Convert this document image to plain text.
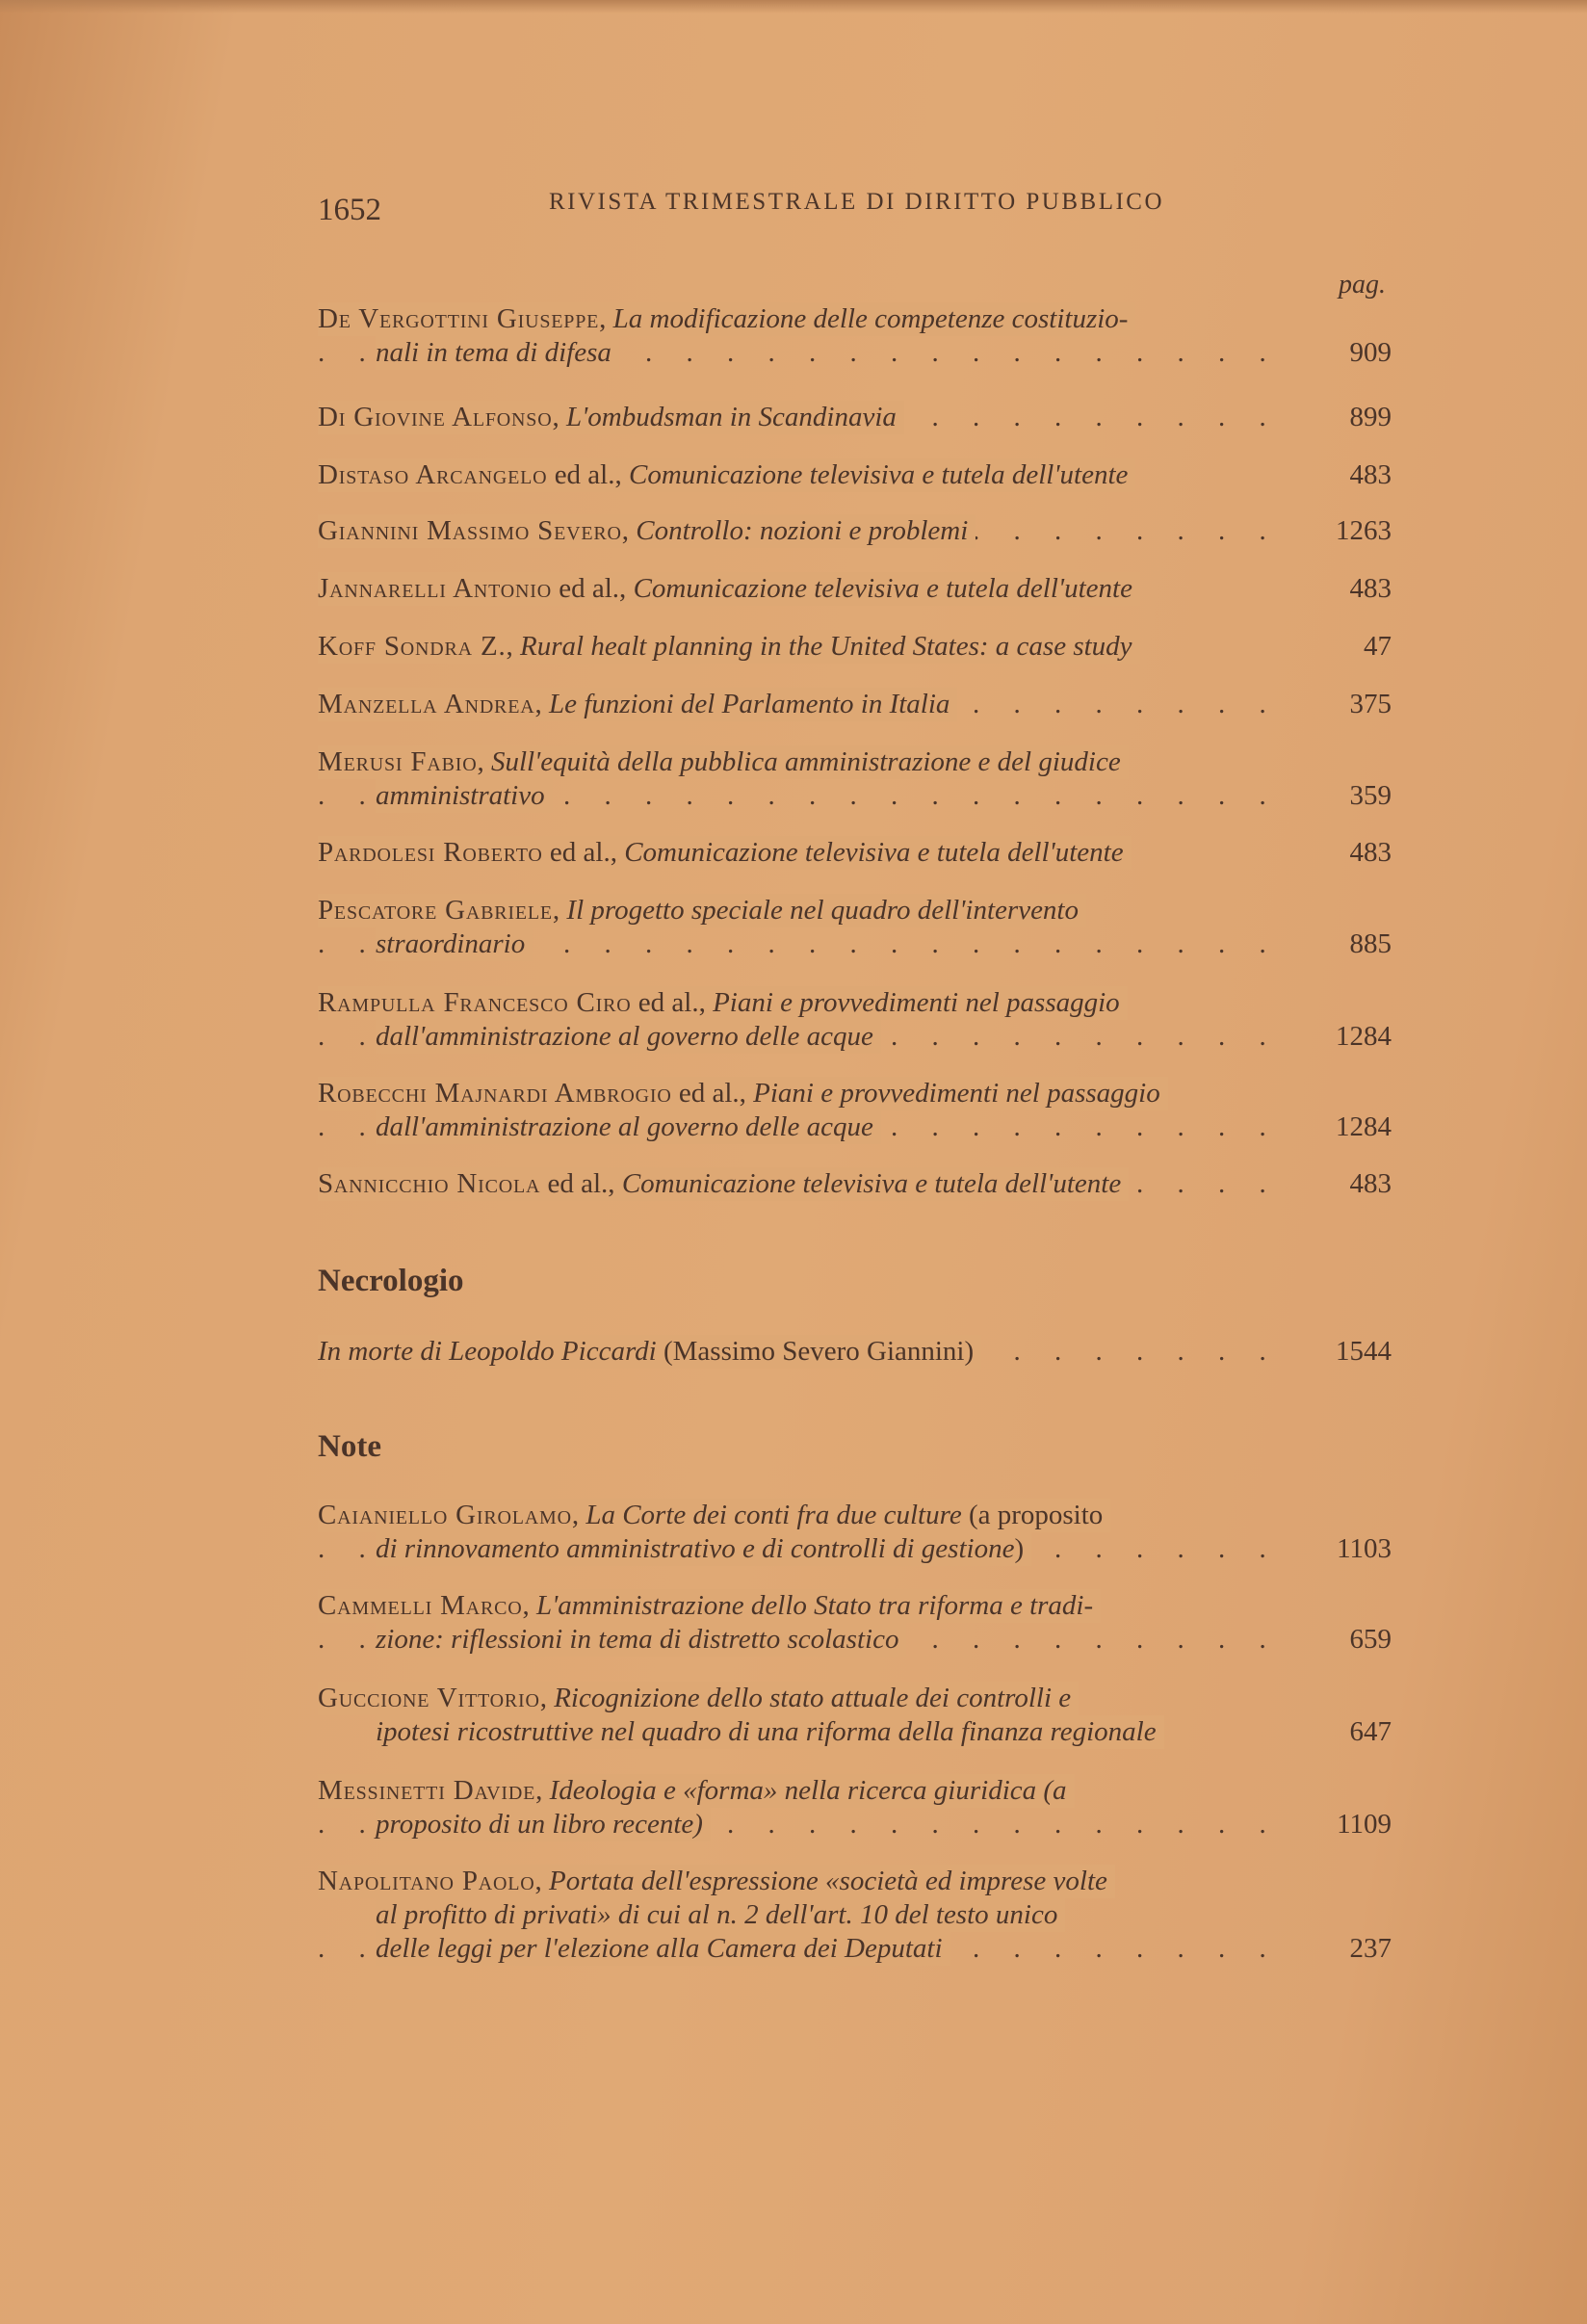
1652	RIVISTA TRIMESTRALE DI DIRITTO PUBBLICO
pag.
De Vergottini Giuseppe, La modificazione delle competenze costituzio-
. . . nali in tema di difesa	909
. . . Di Giovine Alfonso, L'ombudsman in Scandinavia	899
Distaso Arcangelo ed al., Comunicazione televisiva e tutela dell'utente	483
. . . Giannini Massimo Severo, Controllo: nozioni e problemi	1263
Jannarelli Antonio ed al., Comunicazione televisiva e tutela dell'utente	483
Koff Sondra Z., Rural healt planning in the United States: a case study	47
. . . Manzella Andrea, Le funzioni del Parlamento in Italia	375
Merusi Fabio, Sull'equità della pubblica amministrazione e del giudice
. . . amministrativo	359
Pardolesi Roberto ed al., Comunicazione televisiva e tutela dell'utente	483
Pescatore Gabriele, Il progetto speciale nel quadro dell'intervento
. . . straordinario	885
Rampulla Francesco Ciro ed al., Piani e provvedimenti nel passaggio
. . . dall'amministrazione al governo delle acque	1284
Robecchi Majnardi Ambrogio ed al., Piani e provvedimenti nel passaggio
. . . dall'amministrazione al governo delle acque	1284
. . . Sannicchio Nicola ed al., Comunicazione televisiva e tutela dell'utente	483
Necrologio
. . . In morte di Leopoldo Piccardi (Massimo Severo Giannini)	1544
Note
Caianiello Girolamo, La Corte dei conti fra due culture (a proposito
. . . di rinnovamento amministrativo e di controlli di gestione)	1103
Cammelli Marco, L'amministrazione dello Stato tra riforma e tradi-
. . . zione: riflessioni in tema di distretto scolastico	659
Guccione Vittorio, Ricognizione dello stato attuale dei controlli e
ipotesi ricostruttive nel quadro di una riforma della finanza regionale	647
Messinetti Davide, Ideologia e «forma» nella ricerca giuridica (a
. . . proposito di un libro recente)	1109
Napolitano Paolo, Portata dell'espressione «società ed imprese volte
al profitto di privati» di cui al n. 2 dell'art. 10 del testo unico
. . . delle leggi per l'elezione alla Camera dei Deputati	237
